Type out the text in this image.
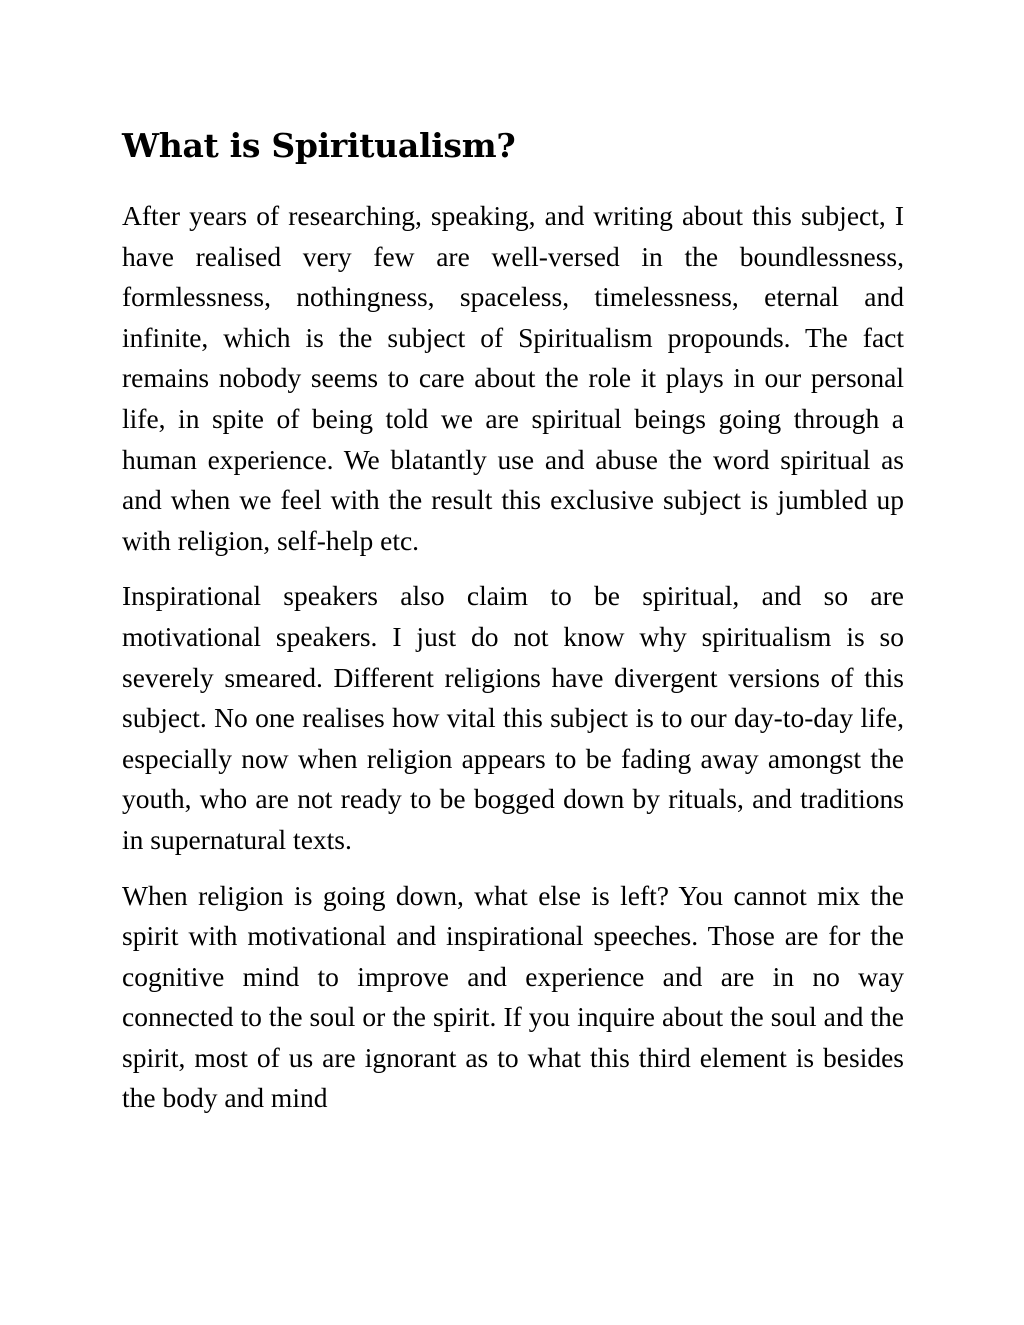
What is Spiritualism?

After years of researching, speaking, and writing about this subject, I have realised very few are well-versed in the boundlessness, formlessness, nothingness, spaceless, timelessness, eternal and infinite, which is the subject of Spiritualism propounds. The fact remains nobody seems to care about the role it plays in our personal life, in spite of being told we are spiritual beings going through a human experience. We blatantly use and abuse the word spiritual as and when we feel with the result this exclusive subject is jumbled up with religion, self-help etc.

Inspirational speakers also claim to be spiritual, and so are motivational speakers. I just do not know why spiritualism is so severely smeared. Different religions have divergent versions of this subject. No one realises how vital this subject is to our day-to-day life, especially now when religion appears to be fading away amongst the youth, who are not ready to be bogged down by rituals, and traditions in supernatural texts.

When religion is going down, what else is left? You cannot mix the spirit with motivational and inspirational speeches. Those are for the cognitive mind to improve and experience and are in no way connected to the soul or the spirit. If you inquire about the soul and the spirit, most of us are ignorant as to what this third element is besides the body and mind
